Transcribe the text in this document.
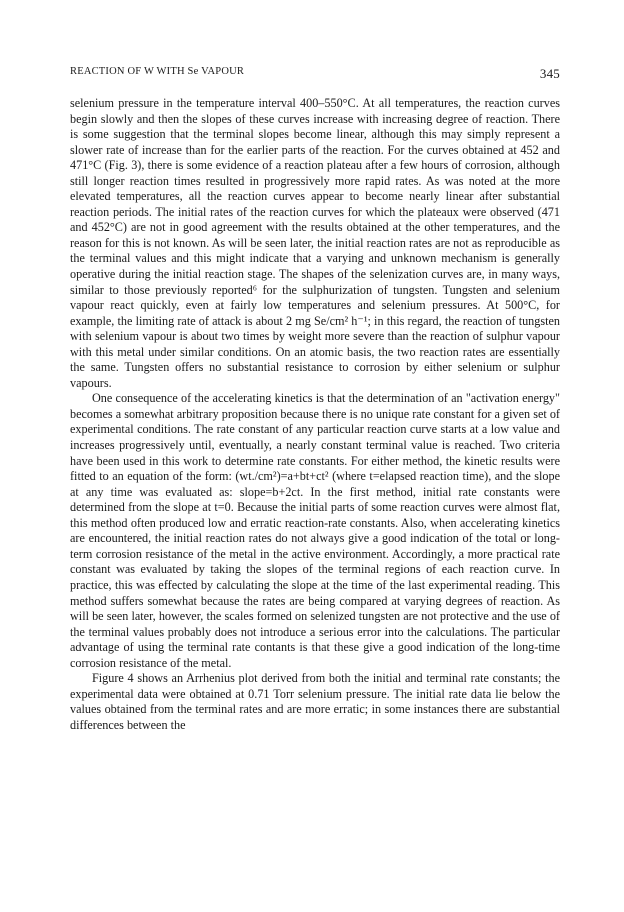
REACTION OF W WITH Se VAPOUR	345

selenium pressure in the temperature interval 400–550°C. At all temperatures, the reaction curves begin slowly and then the slopes of these curves increase with increasing degree of reaction. There is some suggestion that the terminal slopes become linear, although this may simply represent a slower rate of increase than for the earlier parts of the reaction. For the curves obtained at 452 and 471°C (Fig. 3), there is some evidence of a reaction plateau after a few hours of corrosion, although still longer reaction times resulted in progressively more rapid rates. As was noted at the more elevated temperatures, all the reaction curves appear to become nearly linear after substantial reaction periods. The initial rates of the reaction curves for which the plateaux were observed (471 and 452°C) are not in good agreement with the results obtained at the other temperatures, and the reason for this is not known. As will be seen later, the initial reaction rates are not as reproducible as the terminal values and this might indicate that a varying and unknown mechanism is generally operative during the initial reaction stage. The shapes of the selenization curves are, in many ways, similar to those previously reported⁶ for the sulphurization of tungsten. Tungsten and selenium vapour react quickly, even at fairly low temperatures and selenium pressures. At 500°C, for example, the limiting rate of attack is about 2 mg Se/cm² h⁻¹; in this regard, the reaction of tungsten with selenium vapour is about two times by weight more severe than the reaction of sulphur vapour with this metal under similar conditions. On an atomic basis, the two reaction rates are essentially the same. Tungsten offers no substantial resistance to corrosion by either selenium or sulphur vapours.

One consequence of the accelerating kinetics is that the determination of an "activation energy" becomes a somewhat arbitrary proposition because there is no unique rate constant for a given set of experimental conditions. The rate constant of any particular reaction curve starts at a low value and increases progressively until, eventually, a nearly constant terminal value is reached. Two criteria have been used in this work to determine rate constants. For either method, the kinetic results were fitted to an equation of the form: (wt./cm²)=a+bt+ct² (where t=elapsed reaction time), and the slope at any time was evaluated as: slope=b+2ct. In the first method, initial rate constants were determined from the slope at t=0. Because the initial parts of some reaction curves were almost flat, this method often produced low and erratic reaction-rate constants. Also, when accelerating kinetics are encountered, the initial reaction rates do not always give a good indication of the total or long-term corrosion resistance of the metal in the active environment. Accordingly, a more practical rate constant was evaluated by taking the slopes of the terminal regions of each reaction curve. In practice, this was effected by calculating the slope at the time of the last experimental reading. This method suffers somewhat because the rates are being compared at varying degrees of reaction. As will be seen later, however, the scales formed on selenized tungsten are not protective and the use of the terminal values probably does not introduce a serious error into the calculations. The particular advantage of using the terminal rate contants is that these give a good indication of the long-time corrosion resistance of the metal.

Figure 4 shows an Arrhenius plot derived from both the initial and terminal rate constants; the experimental data were obtained at 0.71 Torr selenium pressure. The initial rate data lie below the values obtained from the terminal rates and are more erratic; in some instances there are substantial differences between the
